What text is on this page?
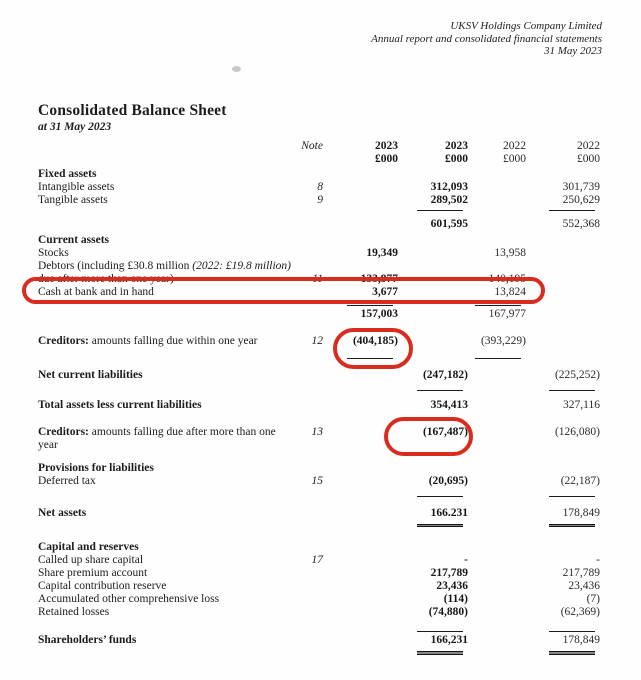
UKSV Holdings Company Limited
Annual report and consolidated financial statements
31 May 2023
Consolidated Balance Sheet
at 31 May 2023
Note	2023	2023	2022	2022
£000	£000	£000	£000
Fixed assets
Intangible assets	8	312,093	301,739
Tangible assets	9	289,502	250,629
601,595	552,368
Current assets
Stocks	19,349	13,958
Debtors (including £30.8 million (2022: £19.8 million) due after more than one year)	11	133,977	140,195
Cash at bank and in hand	3,677	13,824
157,003	167,977
Creditors: amounts falling due within one year	12	(404,185)	(393,229)
Net current liabilities	(247,182)	(225,252)
Total assets less current liabilities	354,413	327,116
Creditors: amounts falling due after more than one year
13	(167,487)	(126,080)
Provisions for liabilities
Deferred tax	15	(20,695)	(22,187)
Net assets	166.231	178,849
Capital and reserves
Called up share capital	17	-	-
Share premium account	217,789	217,789
Capital contribution reserve	23,436	23,436
Accumulated other comprehensive loss	(114)	(7)
Retained losses	(74,880)	(62,369)
Shareholders’ funds	166,231	178,849
